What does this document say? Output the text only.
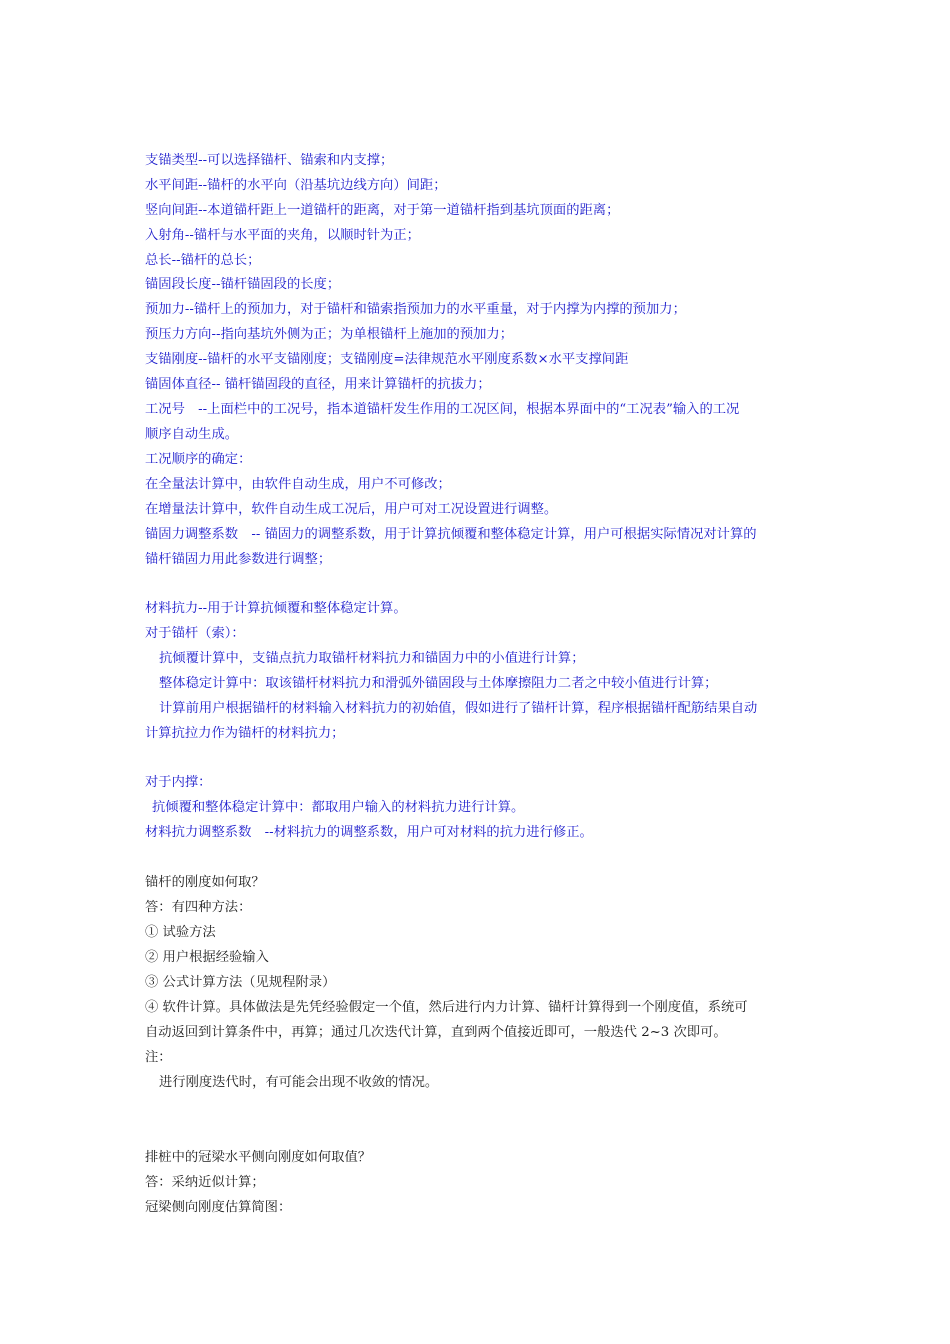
支锚类型--可以选择锚杆、锚索和内支撑；
水平间距--锚杆的水平向（沿基坑边线方向）间距；
竖向间距--本道锚杆距上一道锚杆的距离，对于第一道锚杆指到基坑顶面的距离；
入射角--锚杆与水平面的夹角，以顺时针为正；
总长--锚杆的总长；
锚固段长度--锚杆锚固段的长度；
预加力--锚杆上的预加力，对于锚杆和锚索指预加力的水平重量，对于内撑为内撑的预加力；
预压力方向--指向基坑外侧为正；为单根锚杆上施加的预加力；
支锚刚度--锚杆的水平支锚刚度；支锚刚度=法律规范水平刚度系数×水平支撑间距
锚固体直径-- 锚杆锚固段的直径，用来计算锚杆的抗拔力；
工况号　--上面栏中的工况号，指本道锚杆发生作用的工况区间，根据本界面中的“工况表”输入的工况
顺序自动生成。
工况顺序的确定：
在全量法计算中，由软件自动生成，用户不可修改；
在增量法计算中，软件自动生成工况后，用户可对工况设置进行调整。
锚固力调整系数　-- 锚固力的调整系数，用于计算抗倾覆和整体稳定计算，用户可根据实际情况对计算的
锚杆锚固力用此参数进行调整；
材料抗力--用于计算抗倾覆和整体稳定计算。
对于锚杆（索）：
抗倾覆计算中，支锚点抗力取锚杆材料抗力和锚固力中的小值进行计算；
整体稳定计算中：取该锚杆材料抗力和滑弧外锚固段与土体摩擦阻力二者之中较小值进行计算；
计算前用户根据锚杆的材料输入材料抗力的初始值，假如进行了锚杆计算，程序根据锚杆配筋结果自动
计算抗拉力作为锚杆的材料抗力；
对于内撑：
抗倾覆和整体稳定计算中：都取用户输入的材料抗力进行计算。
材料抗力调整系数　--材料抗力的调整系数，用户可对材料的抗力进行修正。
锚杆的刚度如何取？
答：有四种方法：
① 试验方法
② 用户根据经验输入
③ 公式计算方法（见规程附录）
④ 软件计算。具体做法是先凭经验假定一个值，然后进行内力计算、锚杆计算得到一个刚度值，系统可
自动返回到计算条件中，再算；通过几次迭代计算，直到两个值接近即可，一般迭代 2~3 次即可。
注：
进行刚度迭代时，有可能会出现不收敛的情况。
排桩中的冠梁水平侧向刚度如何取值？
答：采纳近似计算；
冠梁侧向刚度估算简图：
